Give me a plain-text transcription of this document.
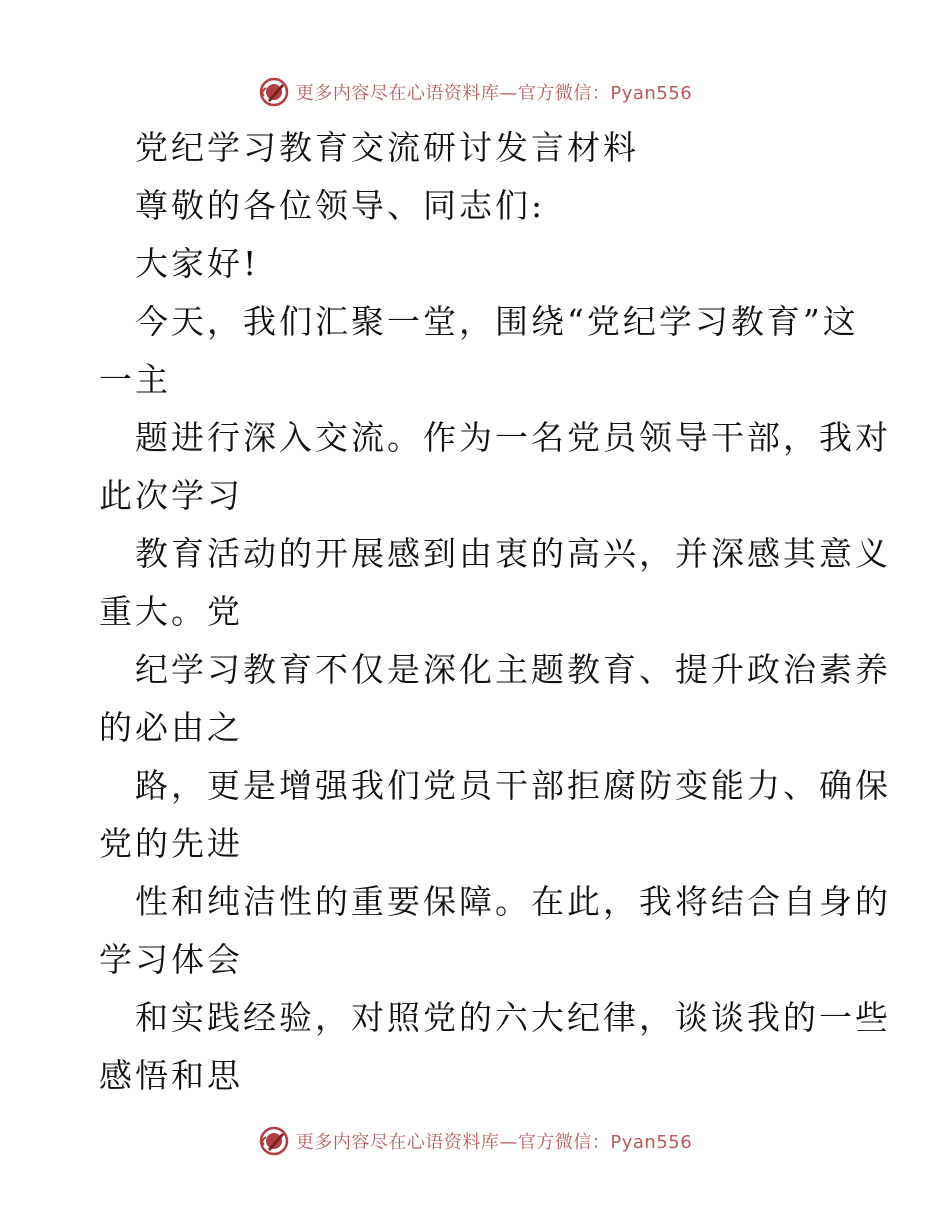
更多内容尽在心语资料库—官方微信：Pyan556
党纪学习教育交流研讨发言材料
尊敬的各位领导、同志们:
大家好!
今天，我们汇聚一堂，围绕“党纪学习教育”这
一主
题进行深入交流。作为一名党员领导干部，我对
此次学习
教育活动的开展感到由衷的高兴，并深感其意义
重大。党
纪学习教育不仅是深化主题教育、提升政治素养
的必由之
路，更是增强我们党员干部拒腐防变能力、确保
党的先进
性和纯洁性的重要保障。在此，我将结合自身的
学习体会
和实践经验，对照党的六大纪律，谈谈我的一些
感悟和思
更多内容尽在心语资料库—官方微信：Pyan556
